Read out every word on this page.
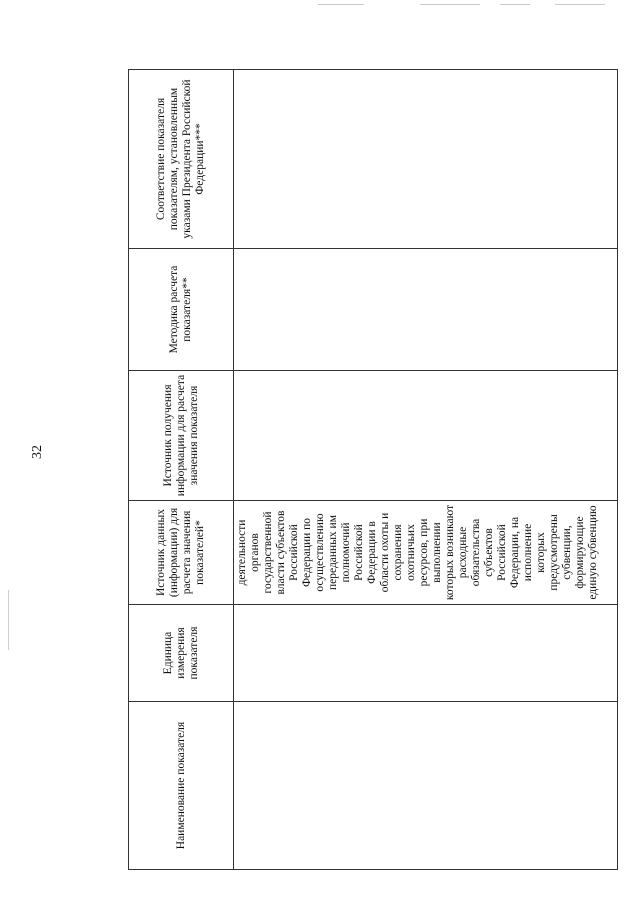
32
Наименование показателя	Единица измерения показателя	Источник данных (информации) для расчета значения показателей*	Источник получения информации для расчета значения показателя	Методика расчета показателя**	Соответствие показателя показателям, установленным указами Президента Российской Федерации***
		деятельности органов государственной власти субъектов Российской Федерации по осуществлению переданных им полномочий Российской Федерации в области охоты и сохранения охотничьих ресурсов, при выполнении которых возникают расходные обязательства субъектов Российской Федерации, на исполнение которых предусмотрены субвенции, формирующие единую субвенцию			
